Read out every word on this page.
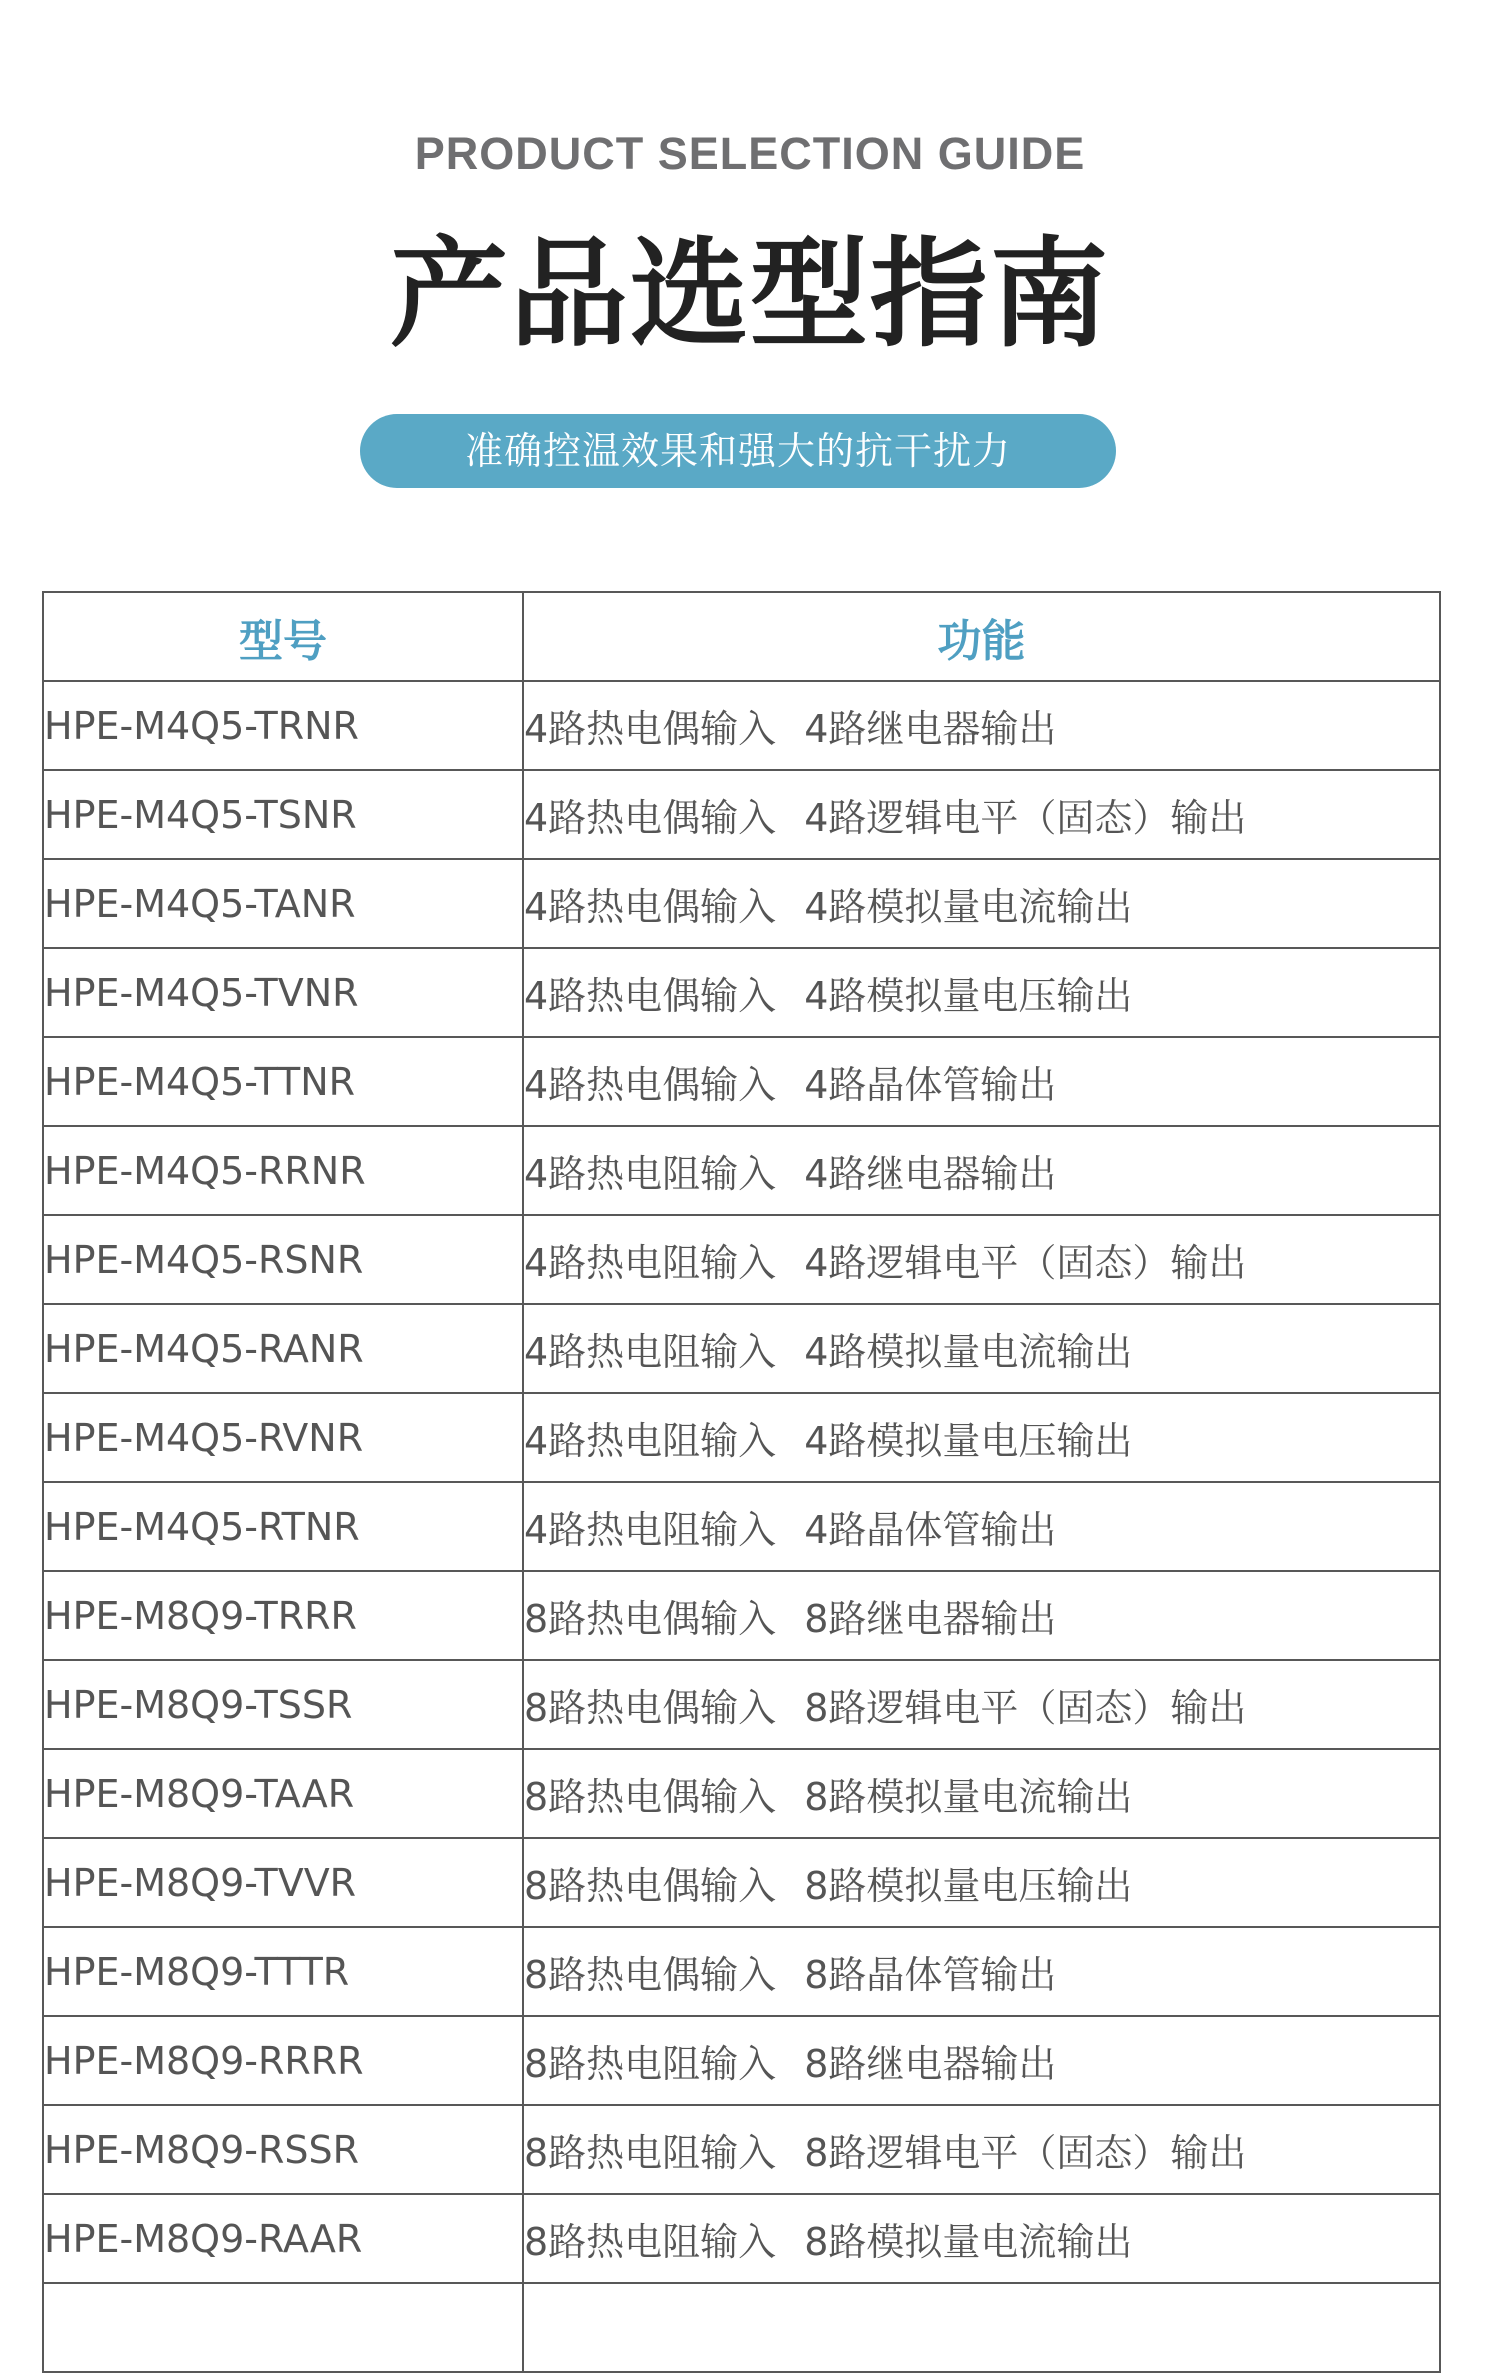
PRODUCT SELECTION GUIDE
产品选型指南
准确控温效果和强大的抗干扰力
型号	功能
HPE-M4Q5-TRNR	4路热电偶输入 4路继电器输出
HPE-M4Q5-TSNR	4路热电偶输入 4路逻辑电平（固态）输出
HPE-M4Q5-TANR	4路热电偶输入 4路模拟量电流输出
HPE-M4Q5-TVNR	4路热电偶输入 4路模拟量电压输出
HPE-M4Q5-TTNR	4路热电偶输入 4路晶体管输出
HPE-M4Q5-RRNR	4路热电阻输入 4路继电器输出
HPE-M4Q5-RSNR	4路热电阻输入 4路逻辑电平（固态）输出
HPE-M4Q5-RANR	4路热电阻输入 4路模拟量电流输出
HPE-M4Q5-RVNR	4路热电阻输入 4路模拟量电压输出
HPE-M4Q5-RTNR	4路热电阻输入 4路晶体管输出
HPE-M8Q9-TRRR	8路热电偶输入 8路继电器输出
HPE-M8Q9-TSSR	8路热电偶输入 8路逻辑电平（固态）输出
HPE-M8Q9-TAAR	8路热电偶输入 8路模拟量电流输出
HPE-M8Q9-TVVR	8路热电偶输入 8路模拟量电压输出
HPE-M8Q9-TTTR	8路热电偶输入 8路晶体管输出
HPE-M8Q9-RRRR	8路热电阻输入 8路继电器输出
HPE-M8Q9-RSSR	8路热电阻输入 8路逻辑电平（固态）输出
HPE-M8Q9-RAAR	8路热电阻输入 8路模拟量电流输出
